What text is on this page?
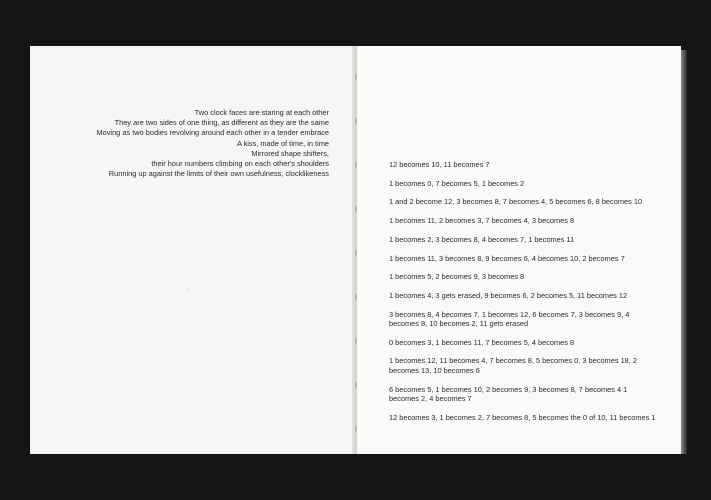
Two clock faces are staring at each other
They are two sides of one thing, as different as they are the same
Moving as two bodies revolving around each other in a tender embrace
A kiss, made of time, in time
Mirrored shape shifters,
their hour numbers climbing on each other's shoulders
Running up against the limits of their own usefulness, clocklikeness
12 becomes 10, 11 becomes 7
1 becomes 0, 7 becomes 5, 1 becomes 2
1 and 2 become 12, 3 becomes 8, 7 becomes 4, 5 becomes 6, 8 becomes 10
1 becomes 11, 2 becomes 3, 7 becomes 4, 3 becomes 8
1 becomes 2, 3 becomes 8, 4 becomes 7, 1 becomes 11
1 becomes 11, 3 becomes 8, 9 becomes 6, 4 becomes 10, 2 becomes 7
1 becomes 5, 2 becomes 9, 3 becomes 8
1 becomes 4, 3 gets erased, 9 becomes 6, 2 becomes 5, 11 becomes 12
3 becomes 8, 4 becomes 7, 1 becomes 12, 6 becomes 7, 3 becomes 9, 4 becomes 8, 10 becomes 2, 11 gets erased
0 becomes 3, 1 becomes 11, 7 becomes 5, 4 becomes 8
1 becomes 12, 11 becomes 4, 7 becomes 8, 5 becomes 0, 3 becomes 18, 2 becomes 13, 10 becomes 6
6 becomes 5, 1 becomes 10, 2 becomes 9, 3 becomes 8, 7 becomes 4 1 becomes 2, 4 becomes 7
12 becomes 3, 1 becomes 2, 7 becomes 8, 5 becomes the 0 of 10, 11 becomes 1
